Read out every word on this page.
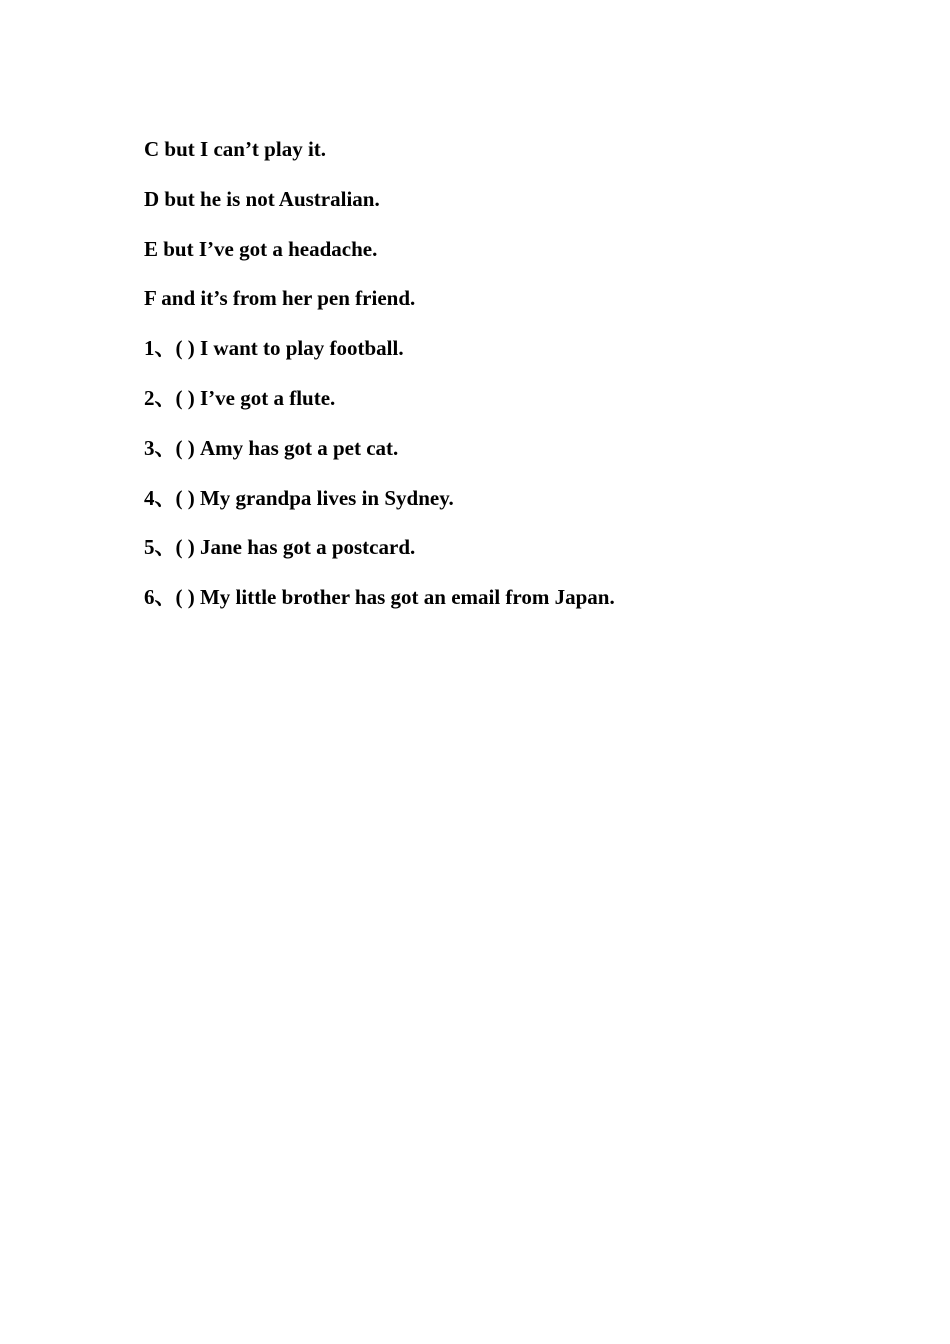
C but I can’t play it.
D but he is not Australian.
E but I’ve got a headache.
F and it’s from her pen friend.
1、( ) I want to play football.
2、( ) I’ve got a flute.
3、( ) Amy has got a pet cat.
4、( ) My grandpa lives in Sydney.
5、( ) Jane has got a postcard.
6、( ) My little brother has got an email from Japan.
